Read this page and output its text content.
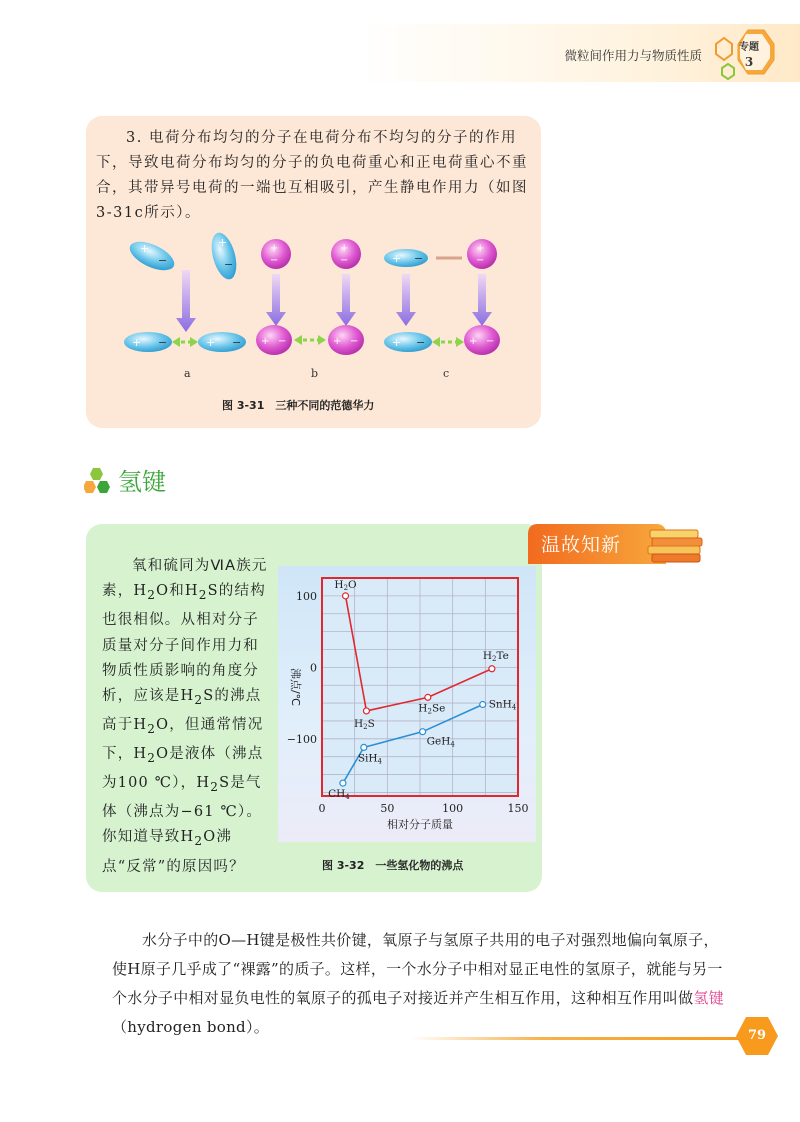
微粒间作用力与物质性质
专题
3
3. 电荷分布均匀的分子在电荷分布不均匀的分子的作用下，导致电荷分布均匀的分子的负电荷重心和正电荷重心不重合，其带异号电荷的一端也互相吸引，产生静电作用力（如图3-31c所示）。
+
−
+
−
+ −	+ −
+
−
+
−
+ −	+ −
+ −
+
−
+ −	+ −
a	b	c
图 3-31　三种不同的范德华力
氢键
温故知新
氧和硫同为ⅥA族元素，$H_2O$和$H_2S$的结构也很相似。从相对分子质量对分子间作用力和物质性质影响的角度分析，应该是$H_2S$的沸点高于$H_2O$，但通常情况下，$H_2O$是液体（沸点为100 ℃），$H_2S$是气体（沸点为−61 ℃）。你知道导致$H_2O$沸点“反常”的原因吗？
0	50	100	150
100
0
−100
相对分子质量
沸点/℃
H2O
H2S
H2Se
H2Te
CH4
SiH4
GeH4
SnH4
图 3-32　一些氢化物的沸点
水分子中的O—H键是极性共价键，氧原子与氢原子共用的电子对强烈地偏向氧原子，使H原子几乎成了“裸露”的质子。这样，一个水分子中相对显正电性的氢原子，就能与另一个水分子中相对显负电性的氧原子的孤电子对接近并产生相互作用，这种相互作用叫做氢键（hydrogen bond）。	79
